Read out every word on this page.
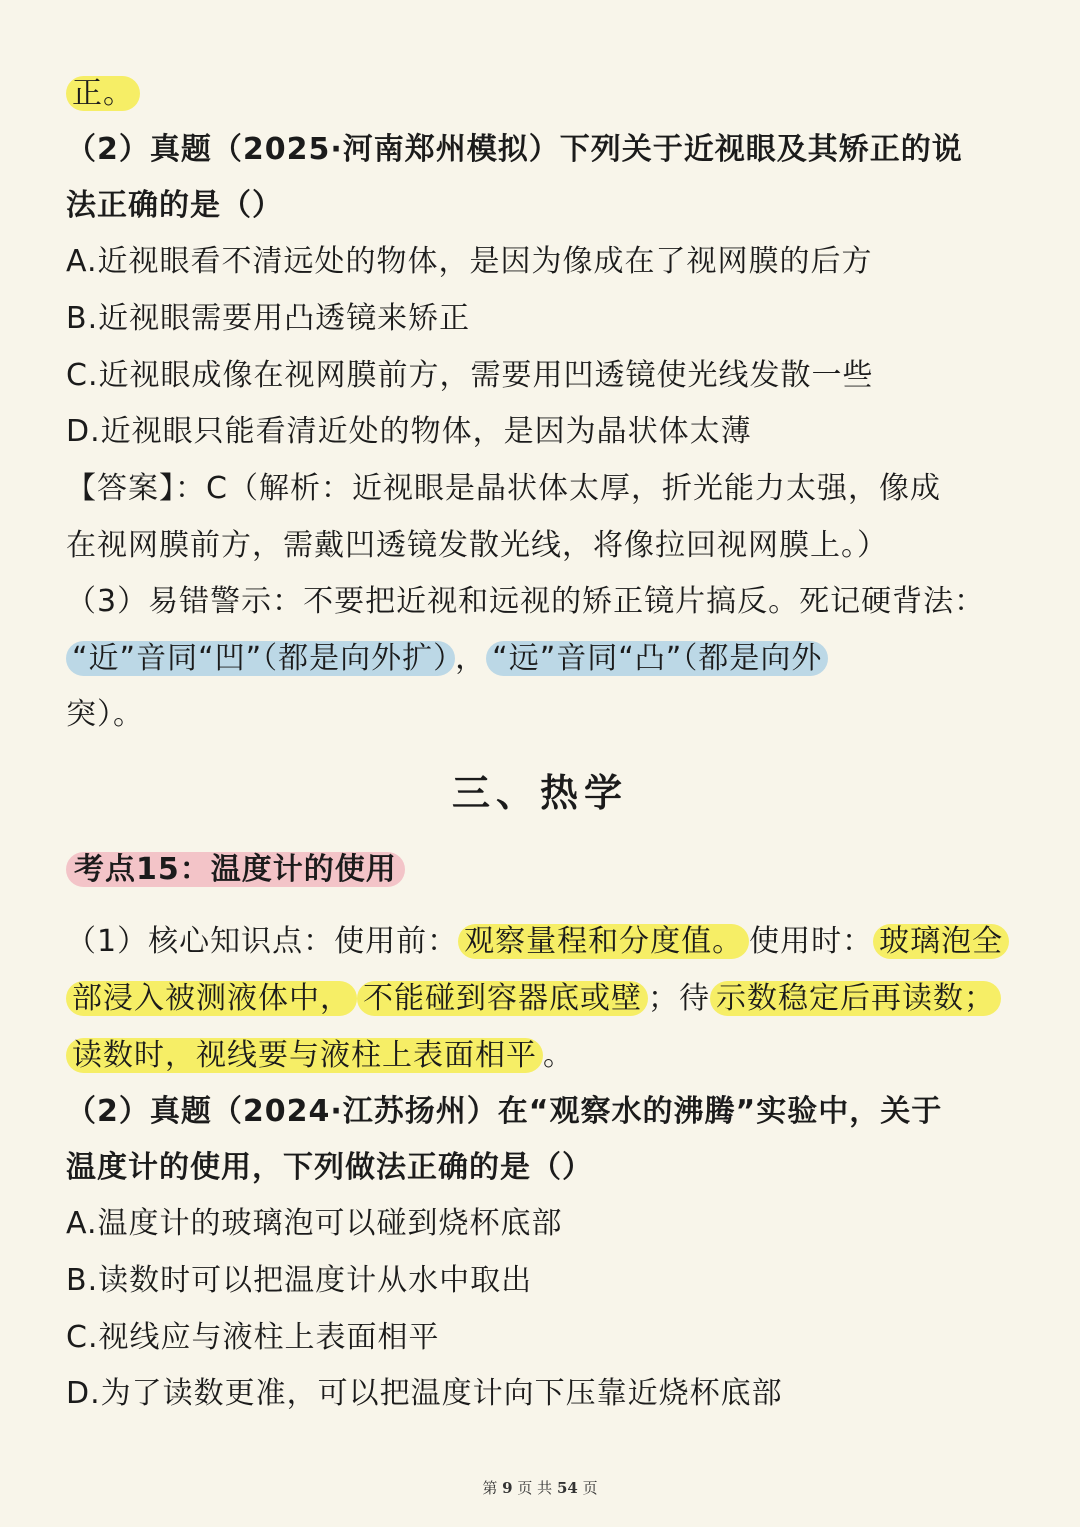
正。
（2）真题（2025·河南郑州模拟）下列关于近视眼及其矫正的说
法正确的是（）
A.近视眼看不清远处的物体，是因为像成在了视网膜的后方
B.近视眼需要用凸透镜来矫正
C.近视眼成像在视网膜前方，需要用凹透镜使光线发散一些
D.近视眼只能看清近处的物体，是因为晶状体太薄
【答案】：C（解析：近视眼是晶状体太厚，折光能力太强，像成
在视网膜前方，需戴凹透镜发散光线，将像拉回视网膜上。）
（3）易错警示：不要把近视和远视的矫正镜片搞反。死记硬背法：
“近”音同“凹”（都是向外扩） ， “远”音同“凸”（都是向外
突）。
三、热学
考点15：温度计的使用
（1）核心知识点：使用前： 观察量程和分度值。 使用时： 玻璃泡全
部浸入被测液体中， 不能碰到容器底或壁 ；待 示数稳定后再读数；
读数时，视线要与液柱上表面相平 。
（2）真题（2024·江苏扬州）在“观察水的沸腾”实验中，关于
温度计的使用，下列做法正确的是（）
A.温度计的玻璃泡可以碰到烧杯底部
B.读数时可以把温度计从水中取出
C.视线应与液柱上表面相平
D.为了读数更准，可以把温度计向下压靠近烧杯底部
第 9 页 共 54 页
